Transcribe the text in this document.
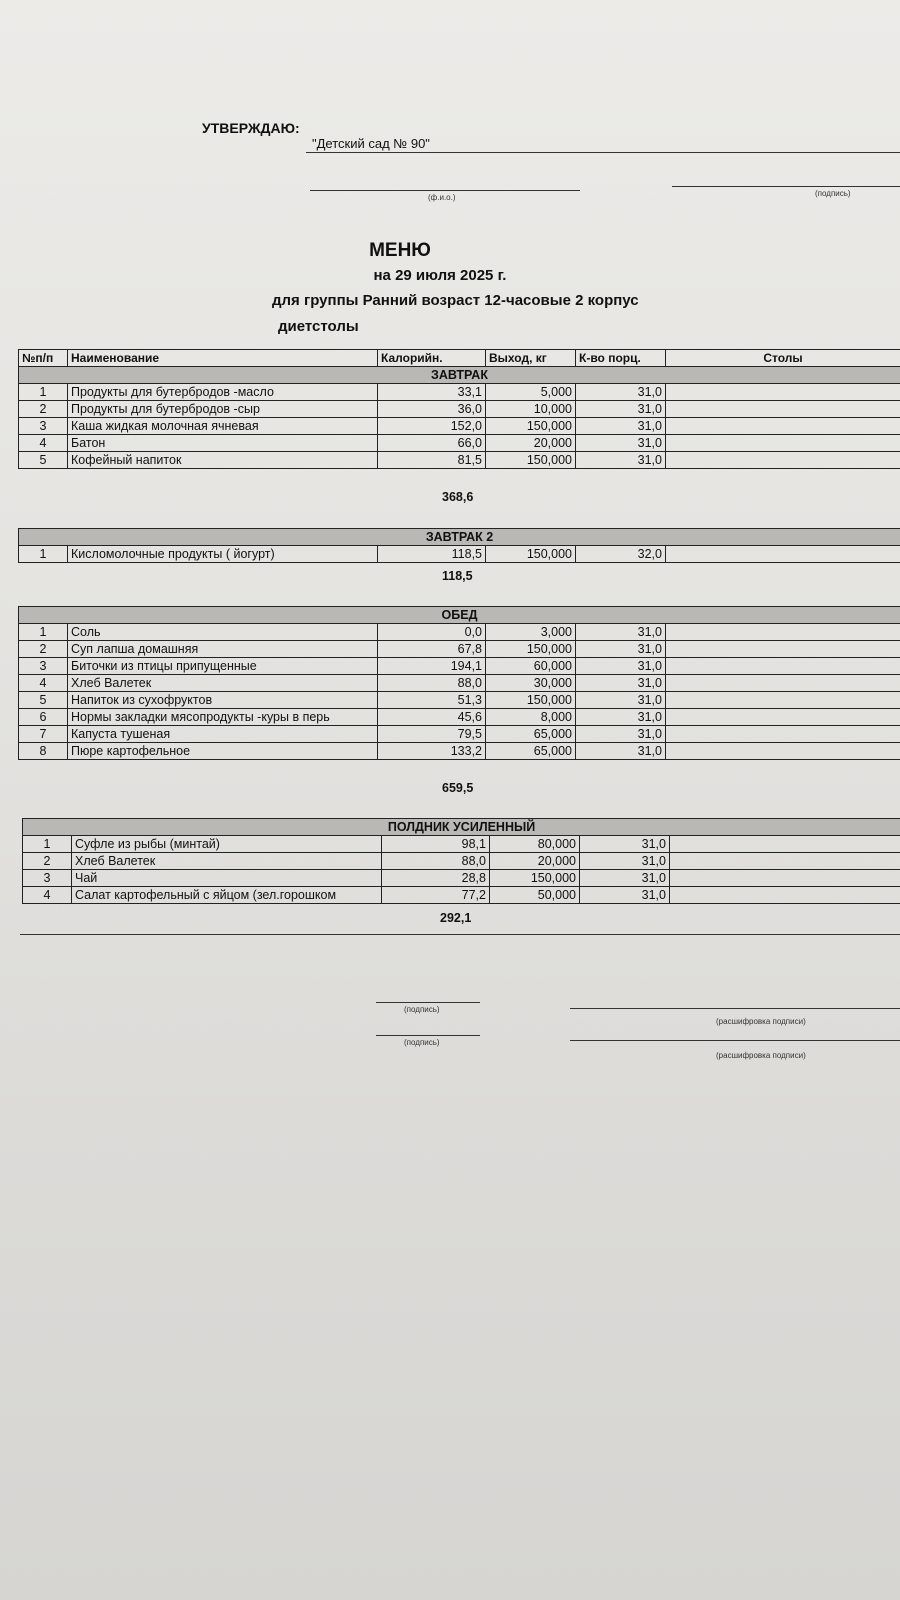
УТВЕРЖДАЮ:
"Детский сад № 90"
(ф.и.о.)	(подпись)
МЕНЮ
на 29 июля 2025 г.
для группы Ранний возраст 12-часовые 2 корпус
диетстолы
№п/п	Наименование	Калорийн.	Выход, кг	К-во порц.	Столы
ЗАВТРАК					
1	Продукты для бутербродов -масло	33,1	5,000	31,0	
2	Продукты для бутербродов -сыр	36,0	10,000	31,0	
3	Каша жидкая молочная ячневая	152,0	150,000	31,0	
4	Батон	66,0	20,000	31,0	
5	Кофейный напиток	81,5	150,000	31,0	
368,6
ЗАВТРАК 2
1	Кисломолочные продукты ( йогурт)	118,5	150,000	32,0	
118,5
ОБЕД					
1	Соль	0,0	3,000	31,0	
2	Суп лапша домашняя	67,8	150,000	31,0	
3	Биточки из птицы припущенные	194,1	60,000	31,0	
4	Хлеб Валетек	88,0	30,000	31,0	
5	Напиток из сухофруктов	51,3	150,000	31,0	
6	Нормы закладки мясопродукты -куры в перь	45,6	8,000	31,0	
7	Капуста тушеная	79,5	65,000	31,0	
8	Пюре картофельное	133,2	65,000	31,0	
659,5
ПОЛДНИК УСИЛЕННЫЙ					
1	Суфле из рыбы (минтай)	98,1	80,000	31,0	
2	Хлеб Валетек	88,0	20,000	31,0	
3	Чай	28,8	150,000	31,0	
4	Салат картофельный с яйцом (зел.горошком	77,2	50,000	31,0	
292,1
(подпись)
(расшифровка подписи)
(подпись)
(расшифровка подписи)
